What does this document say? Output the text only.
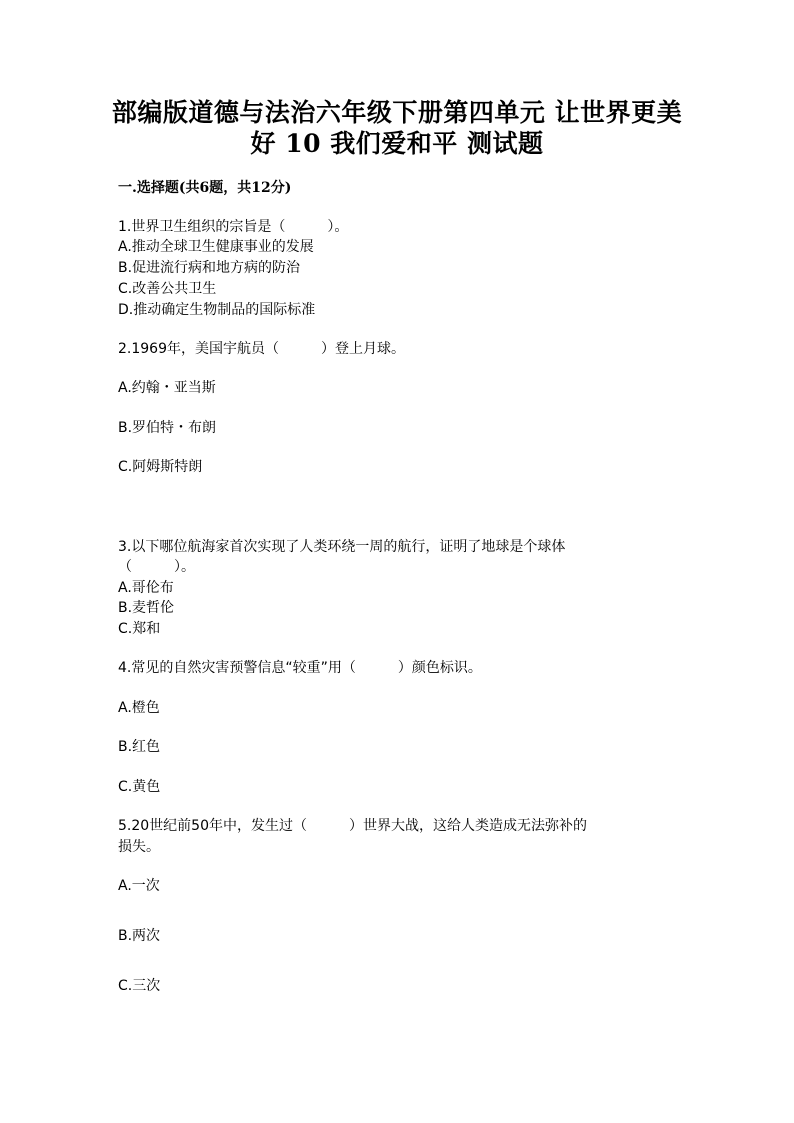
部编版道德与法治六年级下册第四单元 让世界更美
好 10 我们爱和平 测试题
一.选择题(共6题，共12分)
1.世界卫生组织的宗旨是（　　　）。
A.推动全球卫生健康事业的发展
B.促进流行病和地方病的防治
C.改善公共卫生
D.推动确定生物制品的国际标准
2.1969年，美国宇航员（　　　）登上月球。
A.约翰・亚当斯
B.罗伯特・布朗
C.阿姆斯特朗
3.以下哪位航海家首次实现了人类环绕一周的航行，证明了地球是个球体
（　　　）。
A.哥伦布
B.麦哲伦
C.郑和
4.常见的自然灾害预警信息“较重”用（　　　）颜色标识。
A.橙色
B.红色
C.黄色
5.20世纪前50年中，发生过（　　　）世界大战，这给人类造成无法弥补的
损失。
A.一次
B.两次
C.三次
